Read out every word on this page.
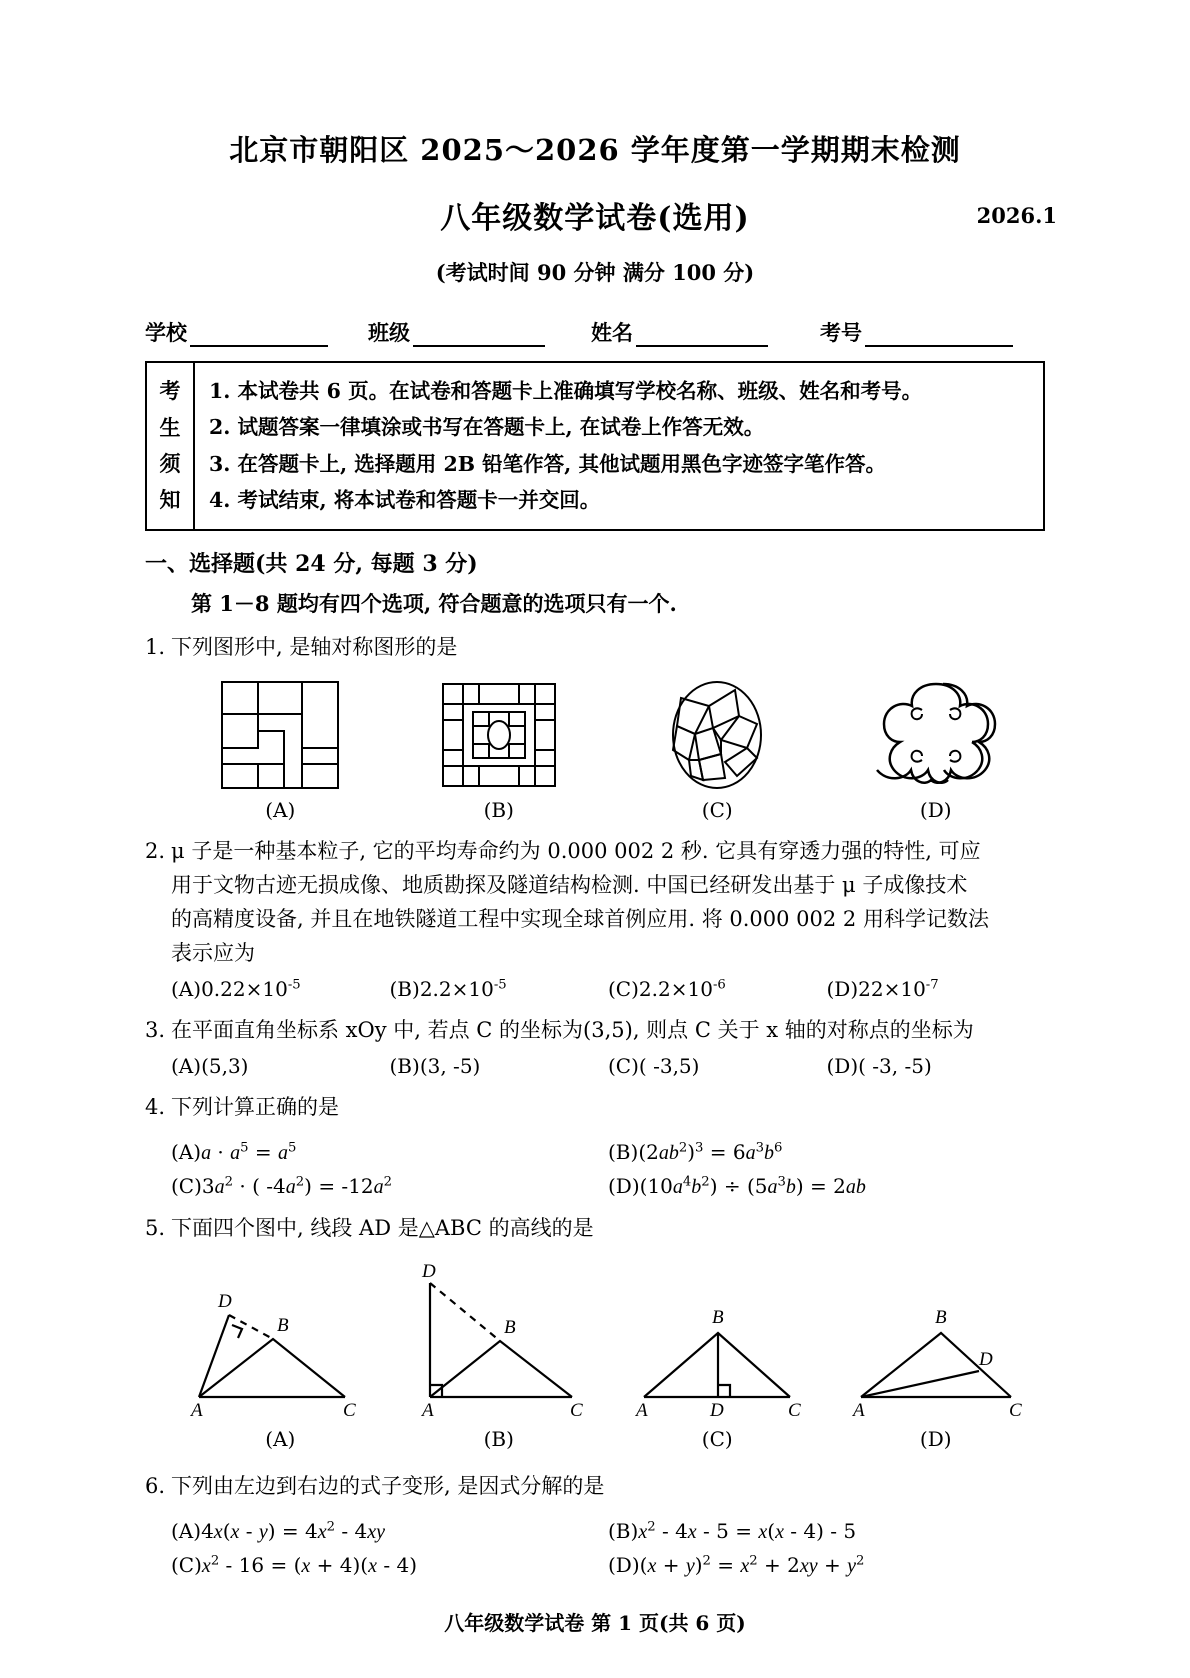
北京市朝阳区 2025～2026 学年度第一学期期末检测
八年级数学试卷(选用)	2026.1
(考试时间 90 分钟 满分 100 分)
学校	班级	姓名	考号
考
生
须
知
1. 本试卷共 6 页。在试卷和答题卡上准确填写学校名称、班级、姓名和考号。
2. 试题答案一律填涂或书写在答题卡上, 在试卷上作答无效。
3. 在答题卡上, 选择题用 2B 铅笔作答, 其他试题用黑色字迹签字笔作答。
4. 考试结束, 将本试卷和答题卡一并交回。
一、选择题(共 24 分, 每题 3 分)
第 1－8 题均有四个选项, 符合题意的选项只有一个.
1. 下列图形中, 是轴对称图形的是
(A)	(B)	(C)	(D)
2. μ 子是一种基本粒子, 它的平均寿命约为 0.000 002 2 秒. 它具有穿透力强的特性, 可应
用于文物古迹无损成像、地质勘探及隧道结构检测. 中国已经研发出基于 μ 子成像技术
的高精度设备, 并且在地铁隧道工程中实现全球首例应用. 将 0.000 002 2 用科学记数法
表示应为
$(A)0.22\times 10^{-5}$	$(B)2.2\times 10^{-5}$	$(C)2.2\times 10^{-6}$	$(D)22\times 10^{-7}$
3. 在平面直角坐标系 xOy 中, 若点 C 的坐标为(3,5), 则点 C 关于 x 轴的对称点的坐标为
(A)(5,3)	(B)(3, -5)	(C)( -3,5)	(D)( -3, -5)
4. 下列计算正确的是
$(A)a \cdot a^5 = a^5$	$(B)(2ab^2)^3 = 6a^3b^6$
$(C)3a^2$ · ( $-4a^2) = -12a^2$	$(D)(10a^4b^2) \div (5a^3b) = 2ab$
5. 下面四个图中, 线段 AD 是△ABC 的高线的是
D
B
A	C
D
B
A	C
B
A	D	C
B
A
D
C
(A)	(B)	(C)	(D)
6. 下列由左边到右边的式子变形, 是因式分解的是
$(A)4x(x - y) = 4x^2 - 4xy$	$(B)x^2 - 4x - 5 = x(x - 4) - 5$
$(C)x^2 - 16 = (x + 4)(x - 4)$	$(D)(x + y)^2 = x^2 + 2xy + y^2$
八年级数学试卷 第 1 页(共 6 页)
